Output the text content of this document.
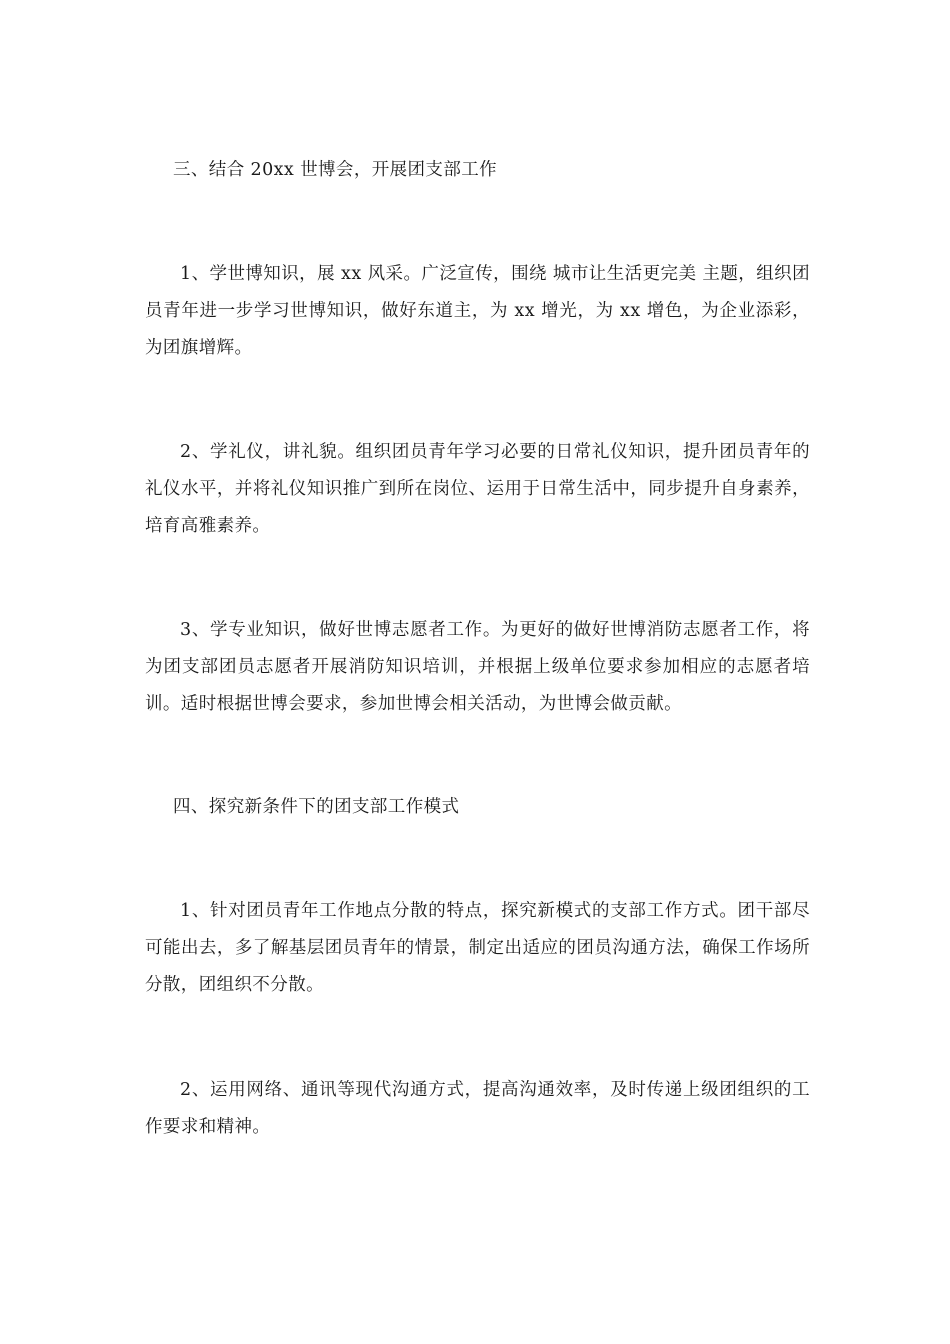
三、结合 20xx 世博会，开展团支部工作

1、学世博知识，展 xx 风采。广泛宣传，围绕 城市让生活更完美 主题，组织团员青年进一步学习世博知识，做好东道主，为 xx 增光，为 xx 增色，为企业添彩，为团旗增辉。

2、学礼仪，讲礼貌。组织团员青年学习必要的日常礼仪知识，提升团员青年的礼仪水平，并将礼仪知识推广到所在岗位、运用于日常生活中，同步提升自身素养，培育高雅素养。

3、学专业知识，做好世博志愿者工作。为更好的做好世博消防志愿者工作，将为团支部团员志愿者开展消防知识培训，并根据上级单位要求参加相应的志愿者培训。适时根据世博会要求，参加世博会相关活动，为世博会做贡献。

四、探究新条件下的团支部工作模式

1、针对团员青年工作地点分散的特点，探究新模式的支部工作方式。团干部尽可能出去，多了解基层团员青年的情景，制定出适应的团员沟通方法，确保工作场所分散，团组织不分散。

2、运用网络、通讯等现代沟通方式，提高沟通效率，及时传递上级团组织的工作要求和精神。
